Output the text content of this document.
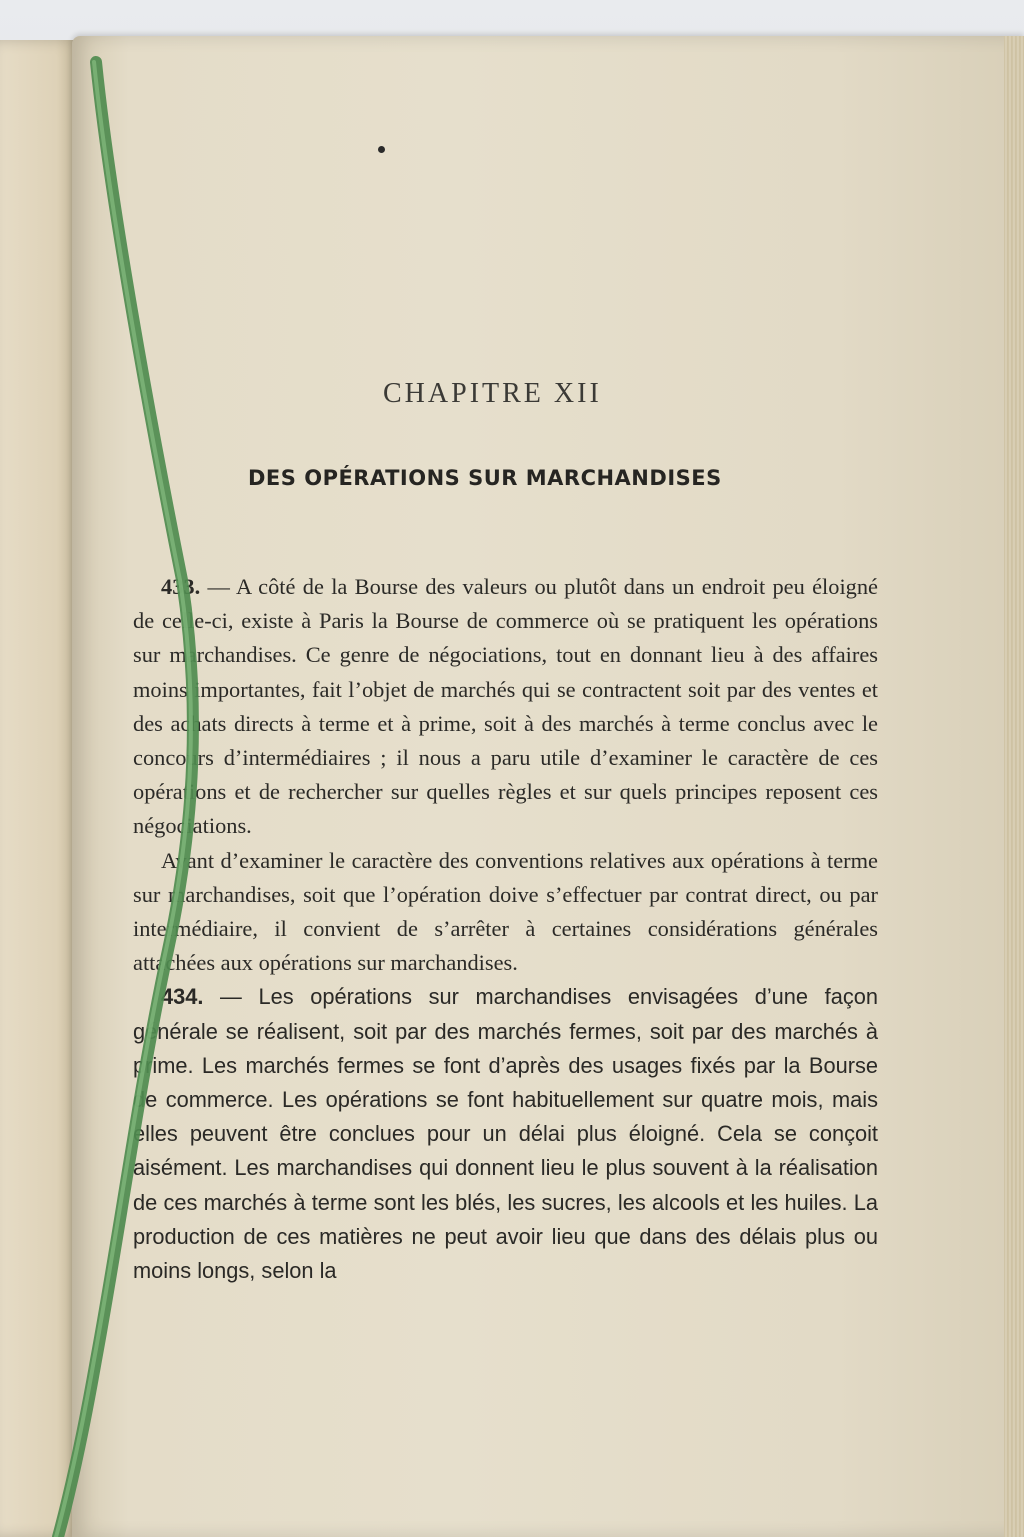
CHAPITRE XII
DES OPÉRATIONS SUR MARCHANDISES

433. — A côté de la Bourse des valeurs ou plutôt dans un endroit peu éloigné de celle-ci, existe à Paris la Bourse de commerce où se pratiquent les opérations sur marchandises. Ce genre de négociations, tout en donnant lieu à des affaires moins importantes, fait l’objet de marchés qui se contractent soit par des ventes et des achats directs à terme et à prime, soit à des marchés à terme conclus avec le concours d’intermédiaires ; il nous a paru utile d’examiner le caractère de ces opérations et de rechercher sur quelles règles et sur quels principes reposent ces négociations.

Avant d’examiner le caractère des conventions relatives aux opérations à terme sur marchandises, soit que l’opération doive s’effectuer par contrat direct, ou par intermédiaire, il convient de s’arrêter à certaines considérations générales attachées aux opérations sur marchandises.

434. — Les opérations sur marchandises envisagées d’une façon générale se réalisent, soit par des marchés fermes, soit par des marchés à prime. Les marchés fermes se font d’après des usages fixés par la Bourse de commerce. Les opérations se font habituellement sur quatre mois, mais elles peuvent être conclues pour un délai plus éloigné. Cela se conçoit aisément. Les marchandises qui donnent lieu le plus souvent à la réalisation de ces marchés à terme sont les blés, les sucres, les alcools et les huiles. La production de ces matières ne peut avoir lieu que dans des délais plus ou moins longs, selon la
